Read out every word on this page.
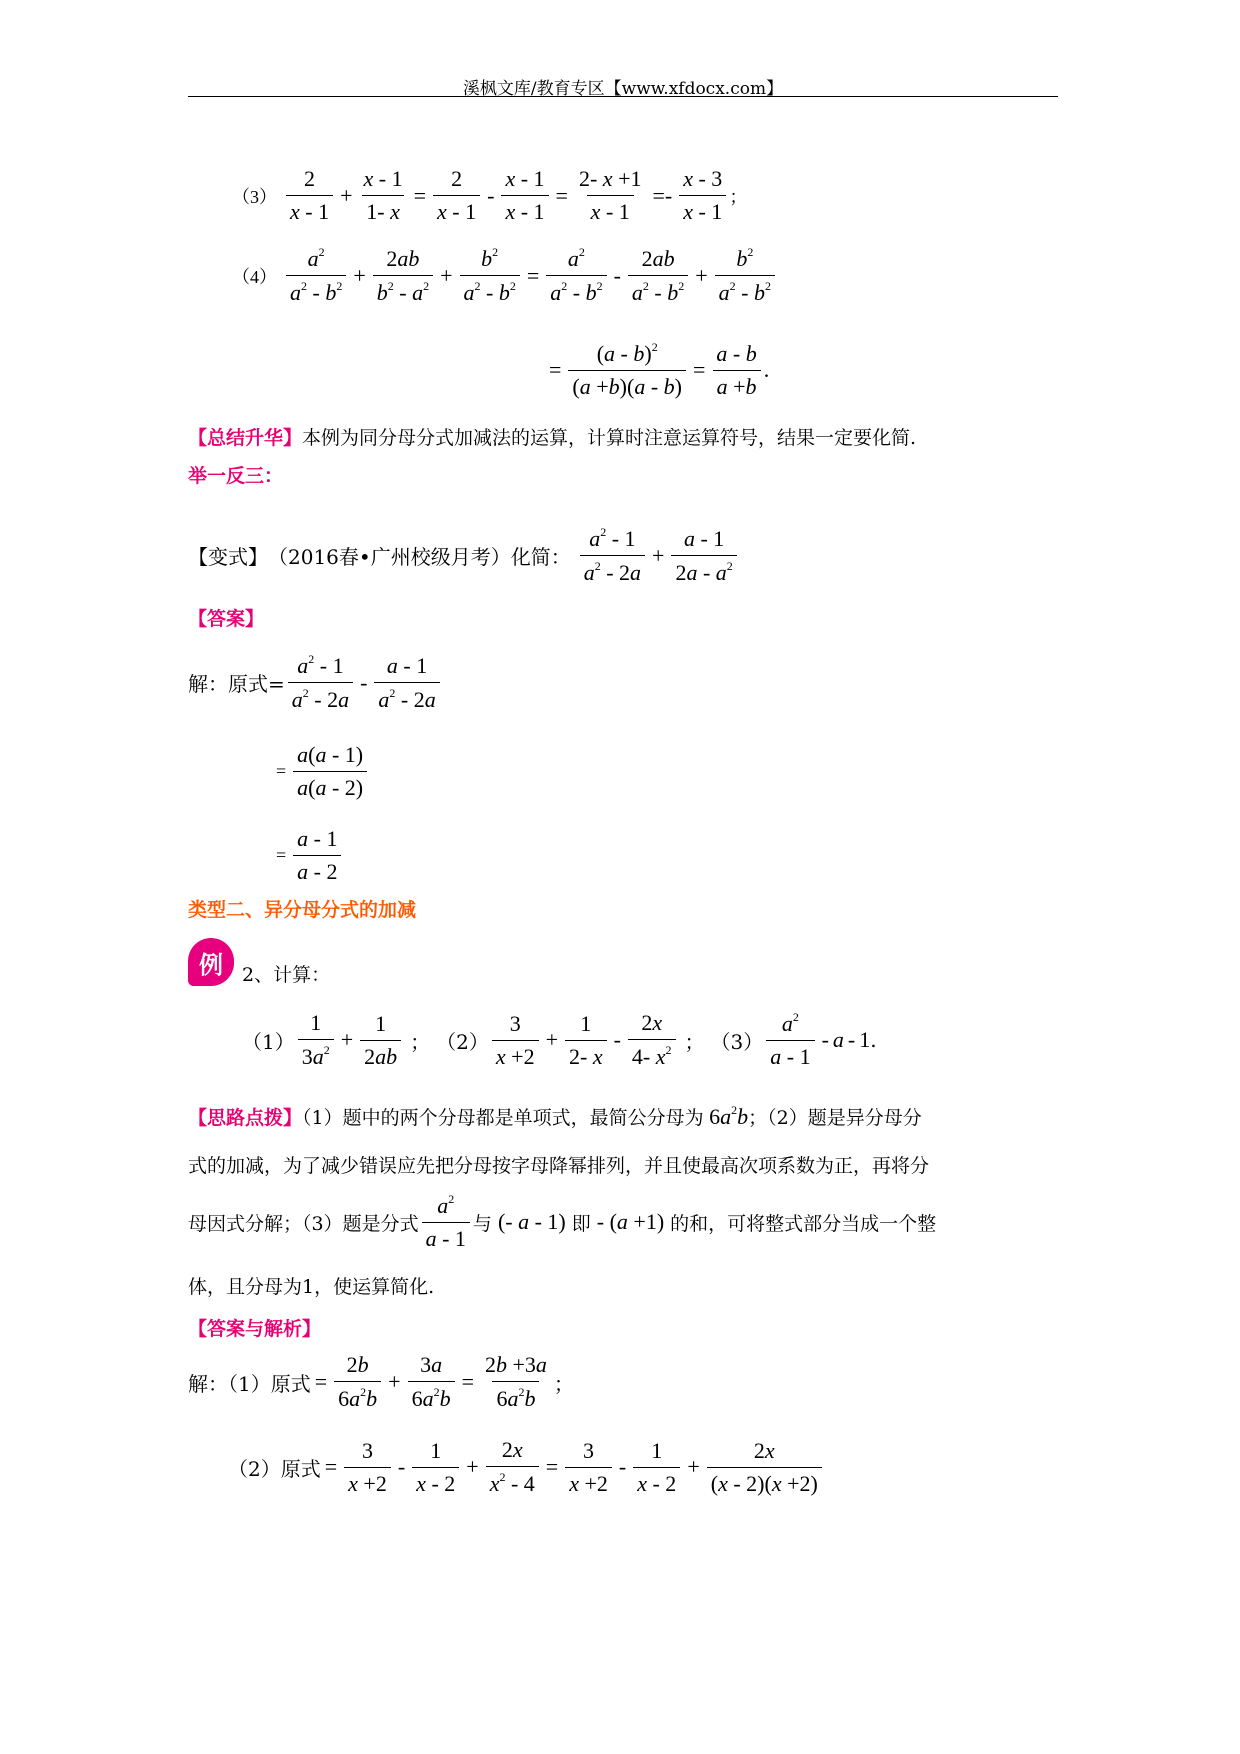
溪枫文库/教育专区【www.xfdocx.com】
（3）
2
x - 1
+ $\frac{x - 1}{1- x} = \frac{2}{x - 1} - \frac{x - 1}{x - 1} = \frac{2- x +1}{x - 1}$ =-
x - 3
x - 1
；
（4）
$a^2$
$a^2 - b^2 + \frac{2ab}{b^2 - a^2} + \frac{b^2}{a^2 - b^2} = \frac{a^2}{a^2 - b^2}$ -
2ab
$a^2 - b^2 + \frac{b^2}{a^2 - b^2}$
= $\frac{(a - b)^2}{(a +b)(a - b)} = \frac{a - b}{a +b}$ .
【总结升华】本例为同分母分式加减法的运算，计算时注意运算符号，结果一定要化简.
举一反三：
【变式】 （2016春•广州校级月考）化简：
$a^2 - 1$
$a^2 - 2a$
+ $\frac{a - 1}{2a - a^2}$
【答案】
解：原式=
$a^2 - 1$
$a^2 - 2a$
-
a - 1
$a^2 - 2a$
= $\frac{a(a - 1)}{a(a - 2)}$
= $\frac{a - 1}{a - 2}$
类型二、异分母分式的加减
例	2、计算：
（1）
1
$3a^2 + \frac{1}{2ab}$ ； （2）
3
x +2
+ $\frac{1}{2- x}$ -
2x
4- $x^2$ ； （3）
$a^2$
a - 1
- a - 1 .
【思路点拨】（1）题中的两个分母都是单项式，最简公分母为 $6a^2b$；（2）题是异分母分
式的加减，为了减少错误应先把分母按字母降幂排列，并且使最高次项系数为正，再将分
母因式分解；（3）题是分式
$a^2$
a - 1
与 (- a - 1) 即 - (a +1) 的和，可将整式部分当成一个整
体，且分母为1，使运算简化.
【答案与解析】
解：（1）原式 = $\frac{2b}{6a^2b} + \frac{3a}{6a^2b} = \frac{2b +3a}{6a^2b}$ ；
（2）原式 = $\frac{3}{x +2}$ -
1
x - 2
+ $\frac{2x}{x^2 - 4} = \frac{3}{x +2}$ -
1
x - 2
+ $\frac{2x}{(x - 2)(x +2)}$
